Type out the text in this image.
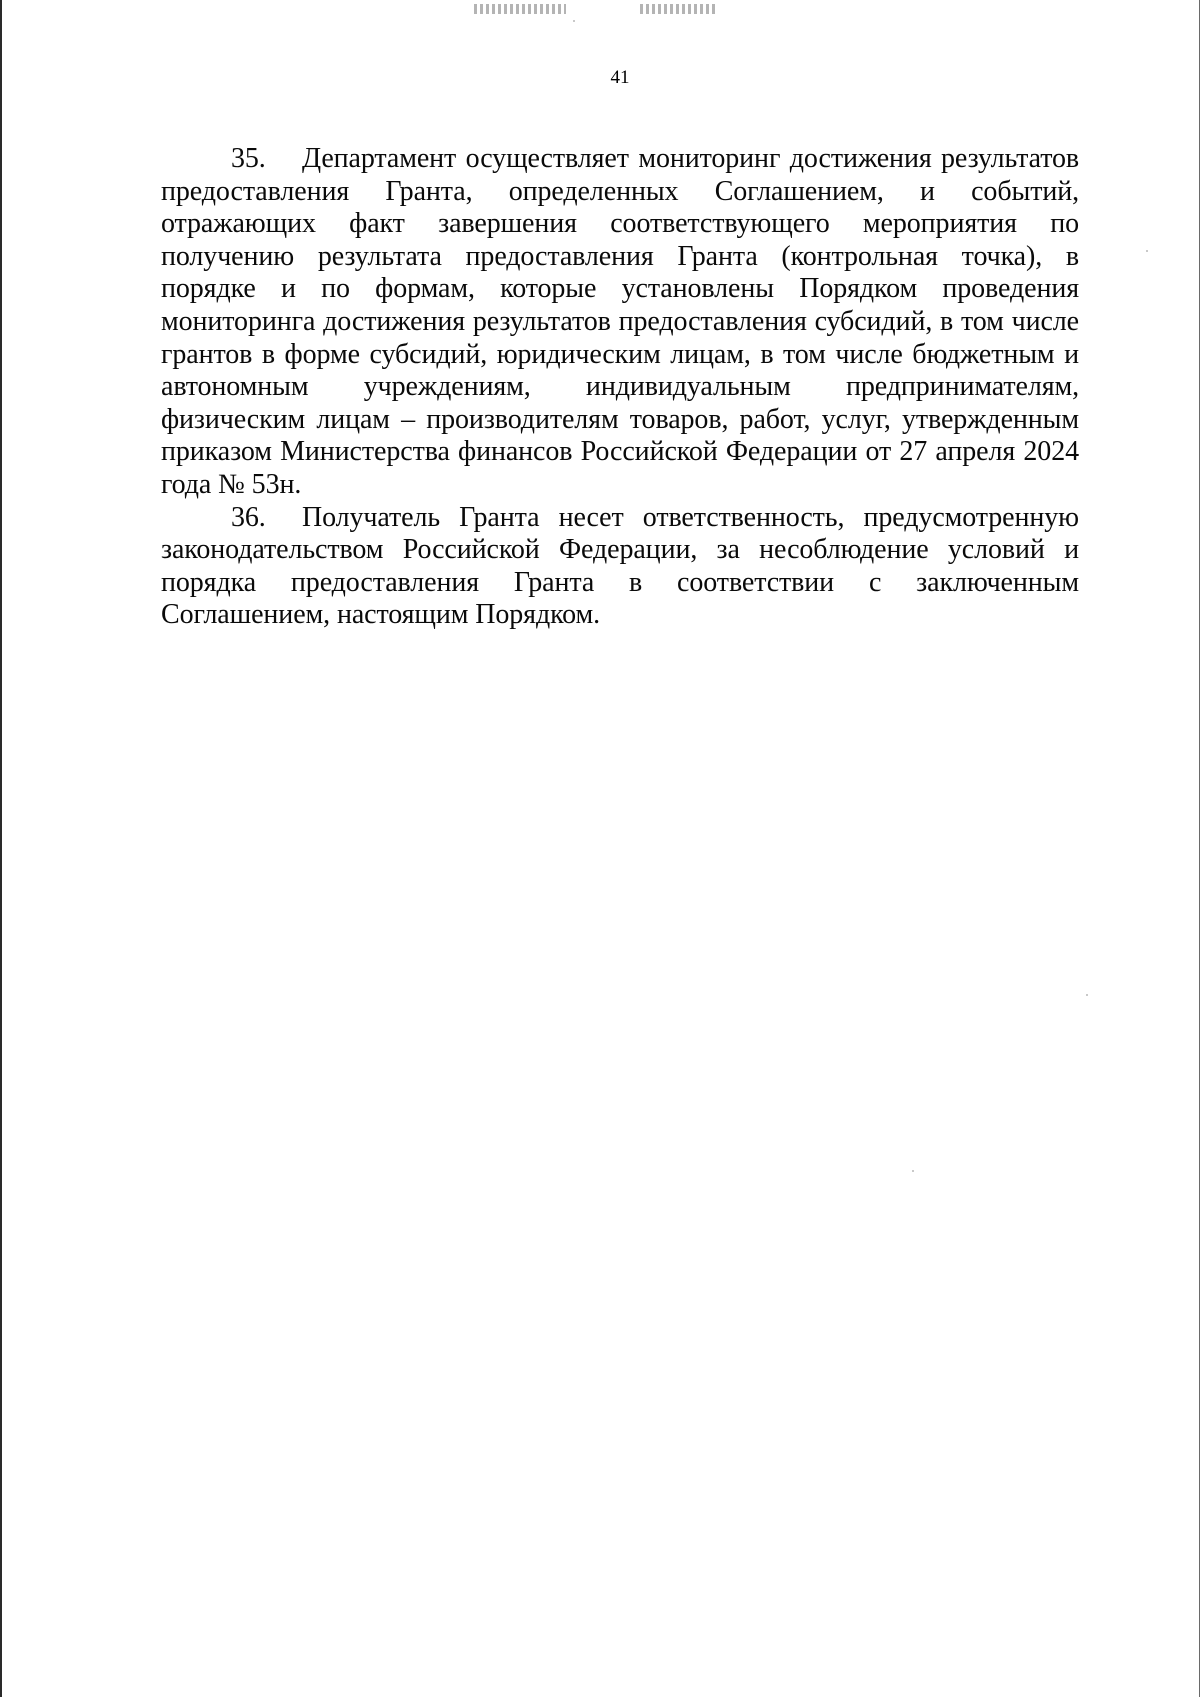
41

35. Департамент осуществляет мониторинг достижения результатов предоставления Гранта, определенных Соглашением, и событий, отражающих факт завершения соответствующего мероприятия по получению результата предоставления Гранта (контрольная точка), в порядке и по формам, которые установлены Порядком проведения мониторинга достижения результатов предоставления субсидий, в том числе грантов в форме субсидий, юридическим лицам, в том числе бюджетным и автономным учреждениям, индивидуальным предпринимателям, физическим лицам – производителям товаров, работ, услуг, утвержденным приказом Министерства финансов Российской Федерации от 27 апреля 2024 года № 53н.

36. Получатель Гранта несет ответственность, предусмотренную законодательством Российской Федерации, за несоблюдение условий и порядка предоставления Гранта в соответствии с заключенным Соглашением, настоящим Порядком.
